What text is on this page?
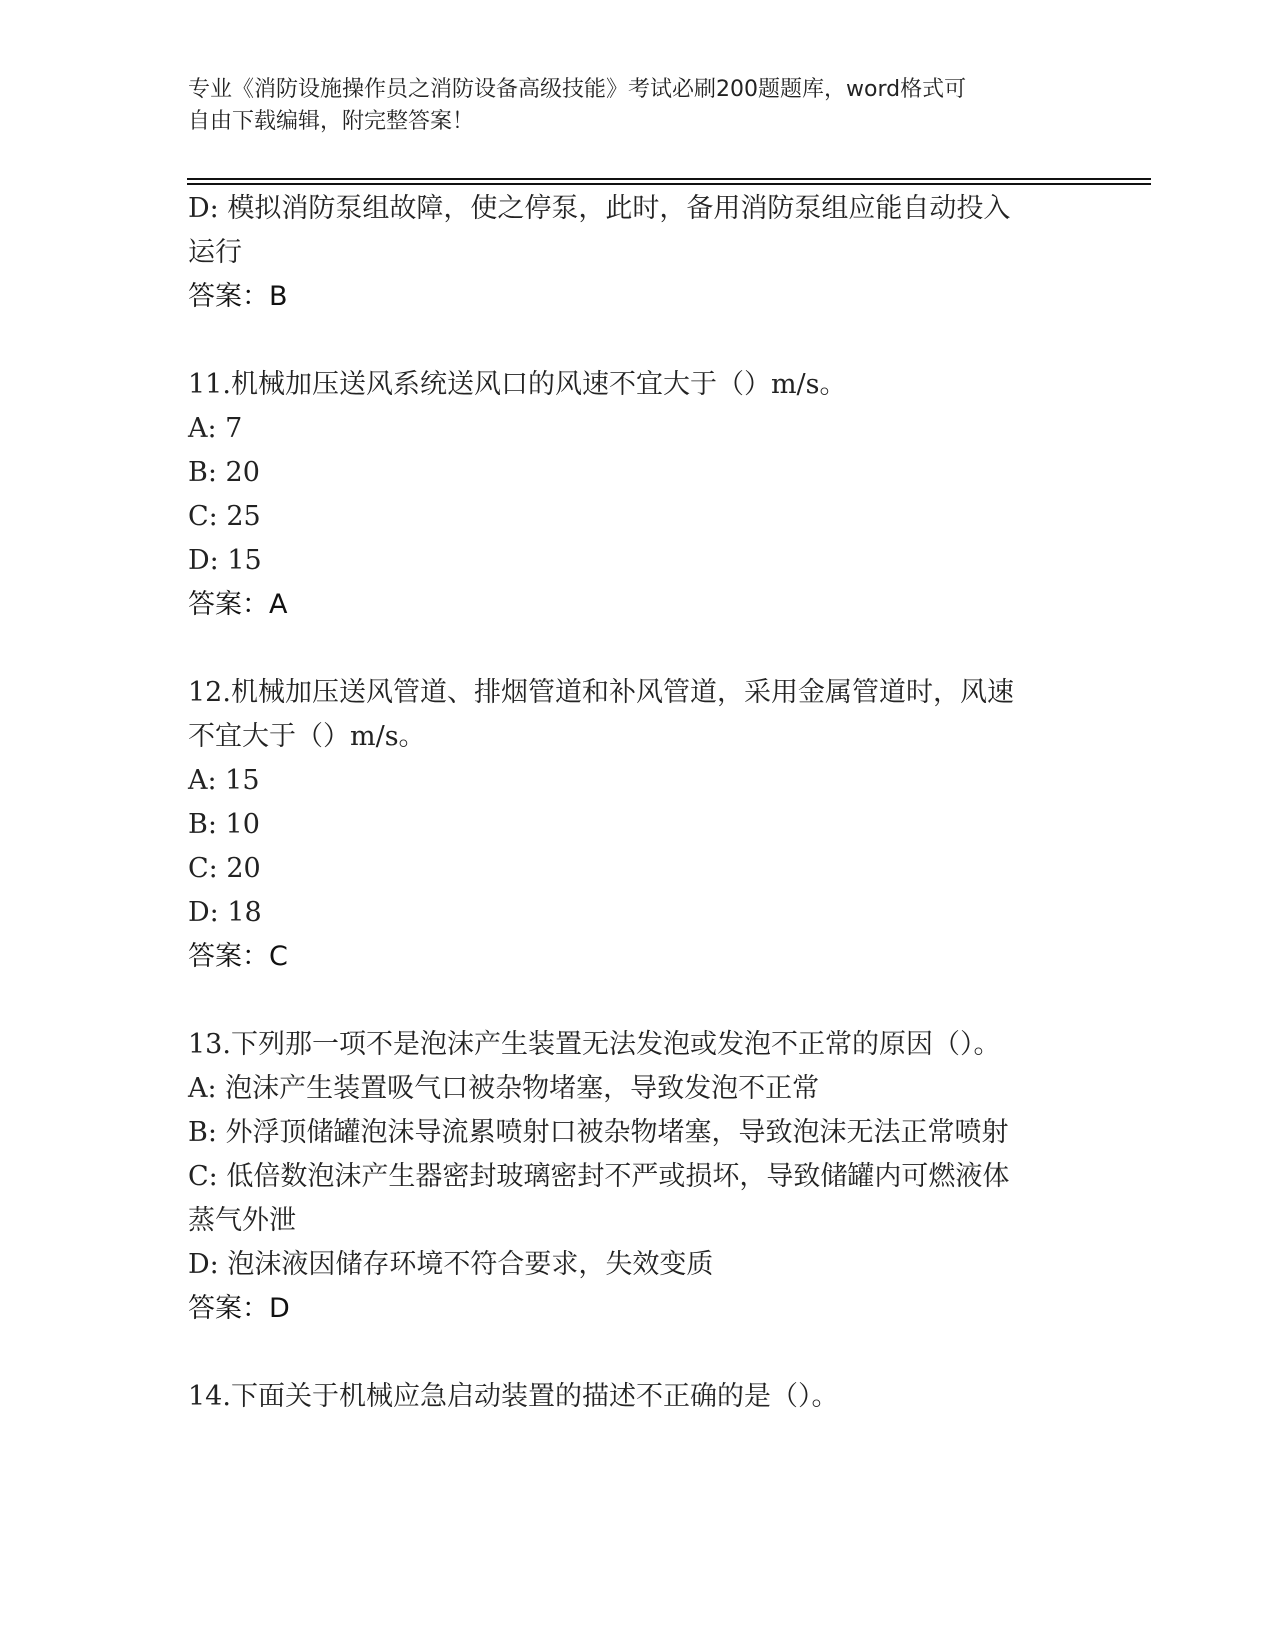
专业《消防设施操作员之消防设备高级技能》考试必刷200题题库，word格式可
自由下载编辑，附完整答案！
D: 模拟消防泵组故障，使之停泵，此时，备用消防泵组应能自动投入
运行
答案：B
11.机械加压送风系统送风口的风速不宜大于（）m/s。
A: 7
B: 20
C: 25
D: 15
答案：A
12.机械加压送风管道、排烟管道和补风管道，采用金属管道时，风速
不宜大于（）m/s。
A: 15
B: 10
C: 20
D: 18
答案：C
13.下列那一项不是泡沫产生装置无法发泡或发泡不正常的原因（）。
A: 泡沫产生装置吸气口被杂物堵塞，导致发泡不正常
B: 外浮顶储罐泡沫导流累喷射口被杂物堵塞，导致泡沫无法正常喷射
C: 低倍数泡沫产生器密封玻璃密封不严或损坏，导致储罐内可燃液体
蒸气外泄
D: 泡沫液因储存环境不符合要求，失效变质
答案：D
14.下面关于机械应急启动装置的描述不正确的是（）。
